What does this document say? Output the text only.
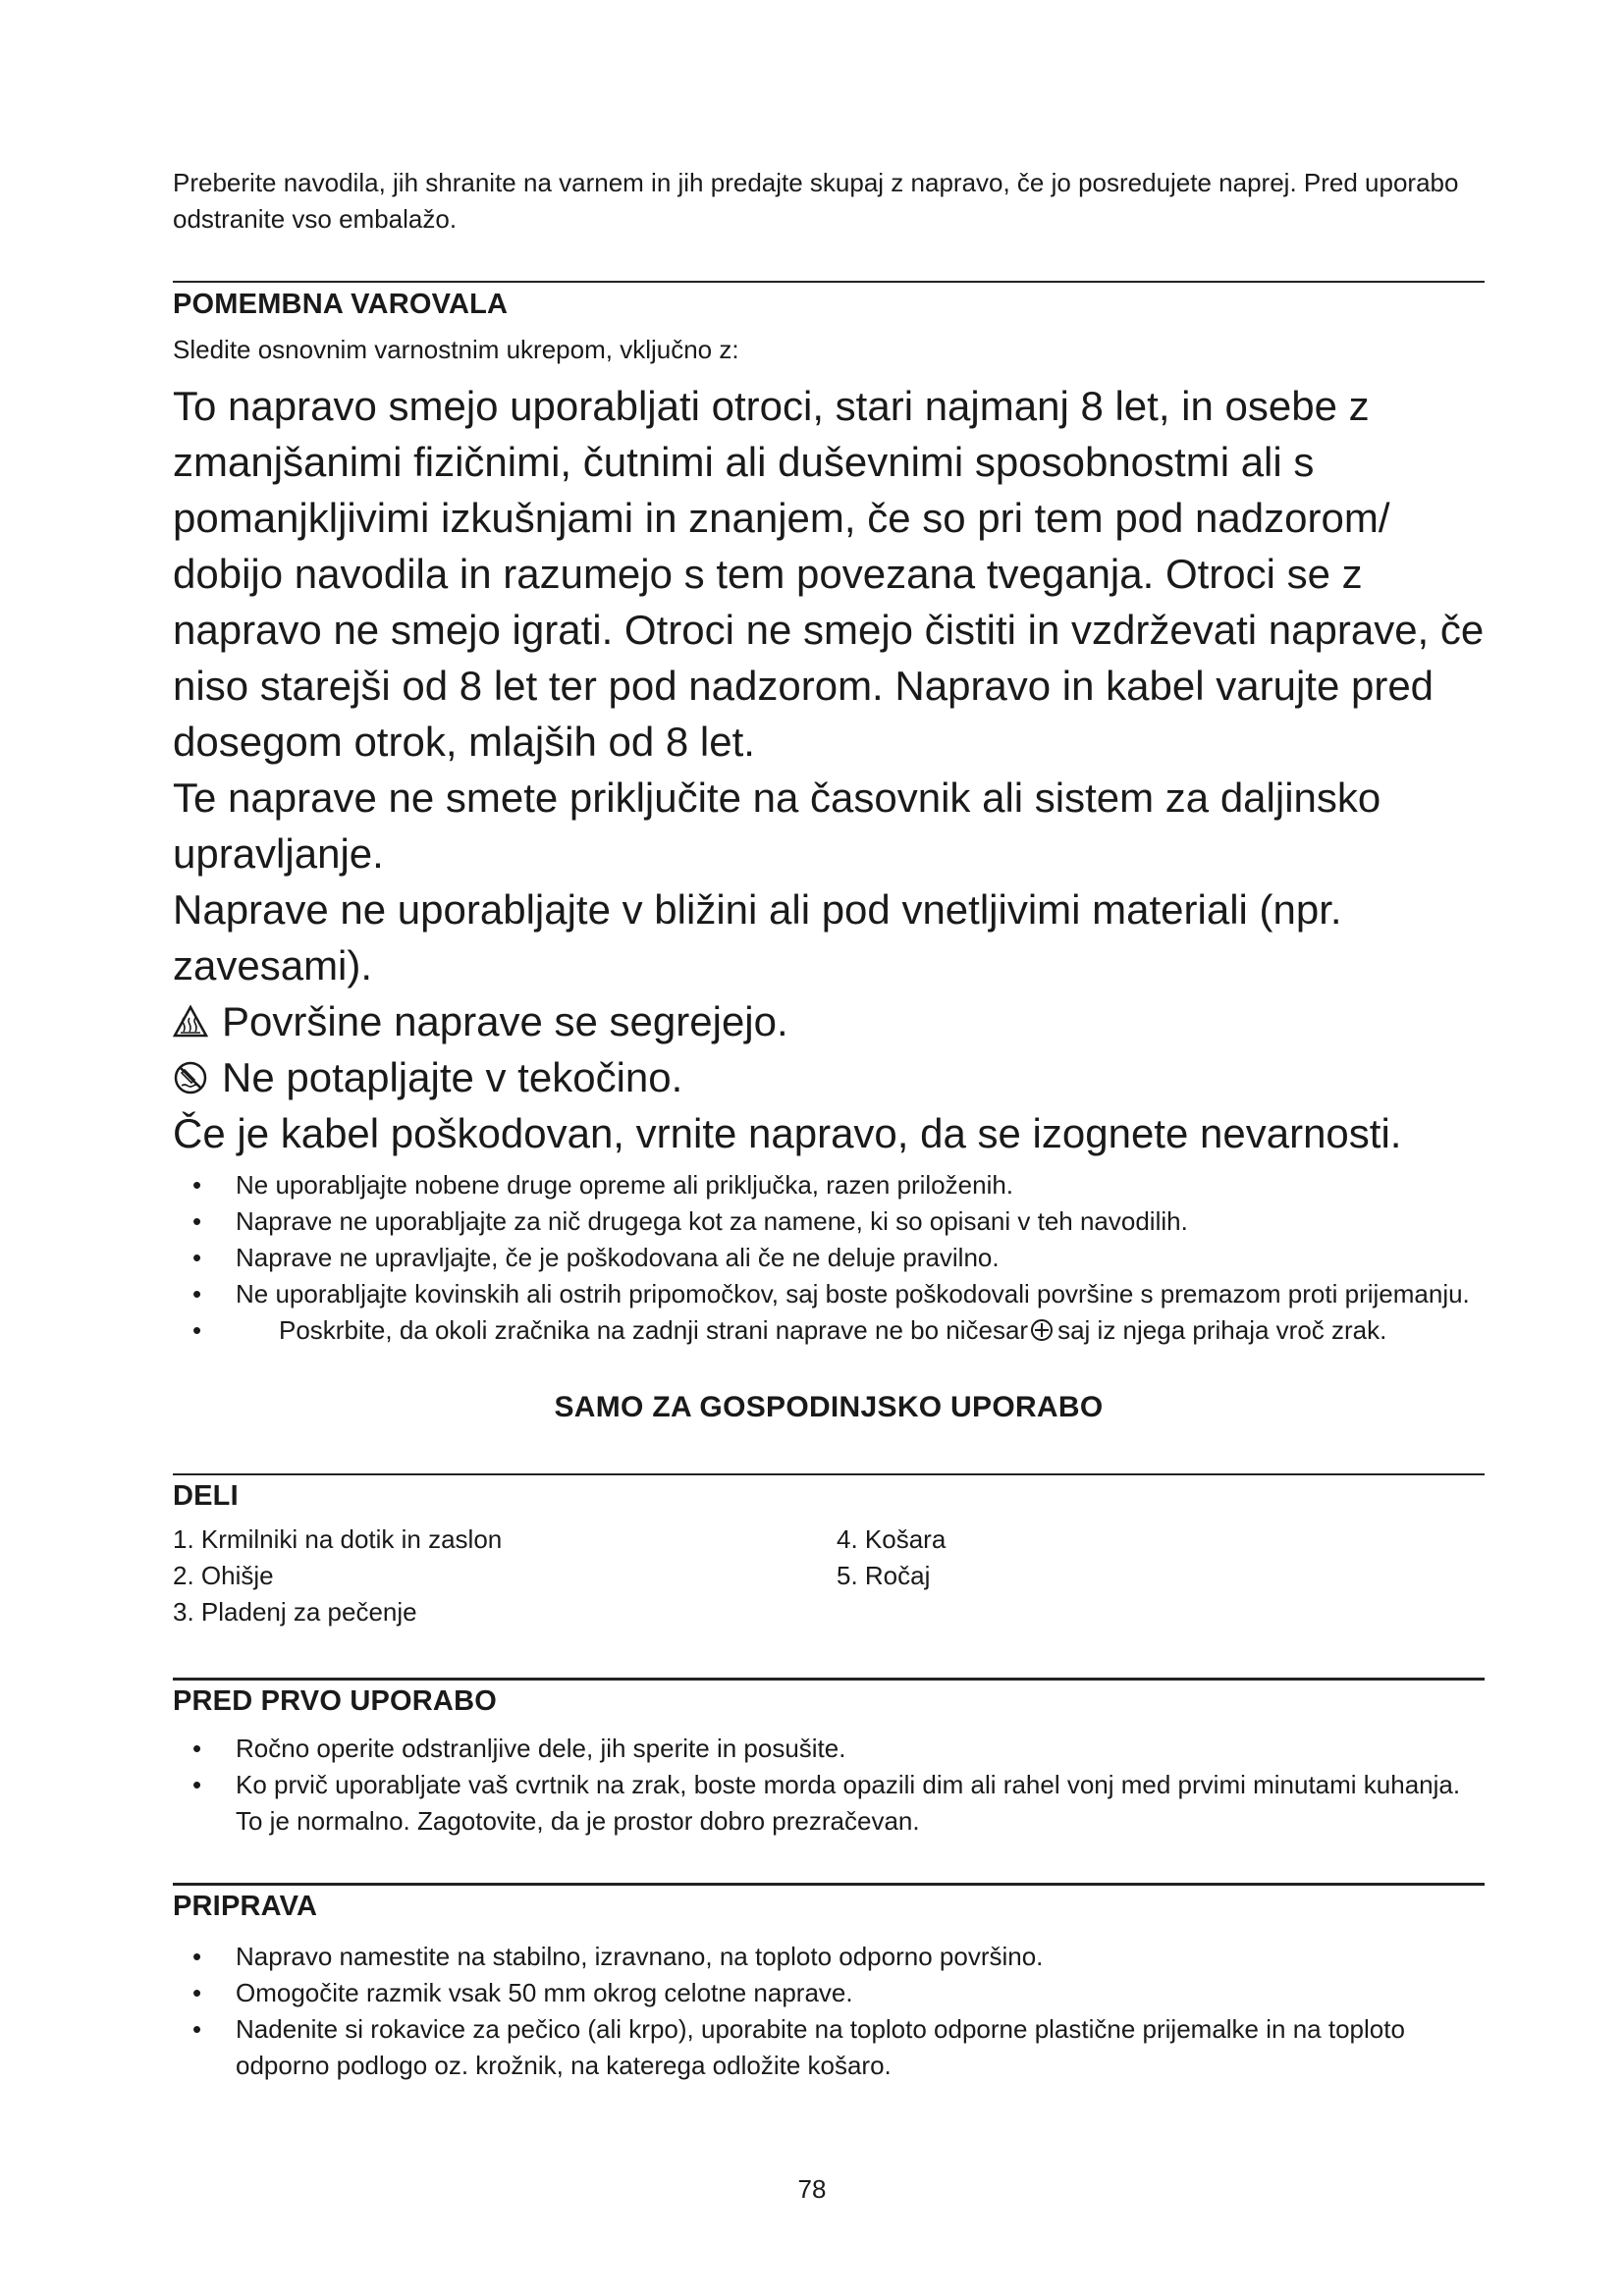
Preberite navodila, jih shranite na varnem in jih predajte skupaj z napravo, če jo posredujete naprej. Pred uporabo odstranite vso embalažo.
POMEMBNA VAROVALA
Sledite osnovnim varnostnim ukrepom, vključno z:

To napravo smejo uporabljati otroci, stari najmanj 8 let, in osebe z zmanjšanimi fizičnimi, čutnimi ali duševnimi sposobnostmi ali s pomanjkljivimi izkušnjami in znanjem, če so pri tem pod nadzorom/ dobijo navodila in razumejo s tem povezana tveganja. Otroci se z napravo ne smejo igrati. Otroci ne smejo čistiti in vzdrževati naprave, če niso starejši od 8 let ter pod nadzorom. Napravo in kabel varujte pred dosegom otrok, mlajših od 8 let.

Te naprave ne smete priključite na časovnik ali sistem za daljinsko upravljanje.

Naprave ne uporabljajte v bližini ali pod vnetljivimi materiali (npr. zavesami).

Površine naprave se segrejejo.

Ne potapljajte v tekočino.

Če je kabel poškodovan, vrnite napravo, da se izognete nevarnosti.

• Ne uporabljajte nobene druge opreme ali priključka, razen priloženih.
• Naprave ne uporabljajte za nič drugega kot za namene, ki so opisani v teh navodilih.
• Naprave ne upravljajte, če je poškodovana ali če ne deluje pravilno.
• Ne uporabljajte kovinskih ali ostrih pripomočkov, saj boste poškodovali površine s premazom proti prijemanju.
•	Poskrbite, da okoli zračnika na zadnji strani naprave ne bo ničesar saj iz njega prihaja vroč zrak.
SAMO ZA GOSPODINJSKO UPORABO
DELI
1. Krmilniki na dotik in zaslon
2. Ohišje
3. Pladenj za pečenje
4. Košara
5. Ročaj
PRED PRVO UPORABO
• Ročno operite odstranljive dele, jih sperite in posušite.
• Ko prvič uporabljate vaš cvrtnik na zrak, boste morda opazili dim ali rahel vonj med prvimi minutami kuhanja. To je normalno. Zagotovite, da je prostor dobro prezračevan.
PRIPRAVA
• Napravo namestite na stabilno, izravnano, na toploto odporno površino.
• Omogočite razmik vsak 50 mm okrog celotne naprave.
• Nadenite si rokavice za pečico (ali krpo), uporabite na toploto odporne plastične prijemalke in na toploto odporno podlogo oz. krožnik, na katerega odložite košaro.
78
